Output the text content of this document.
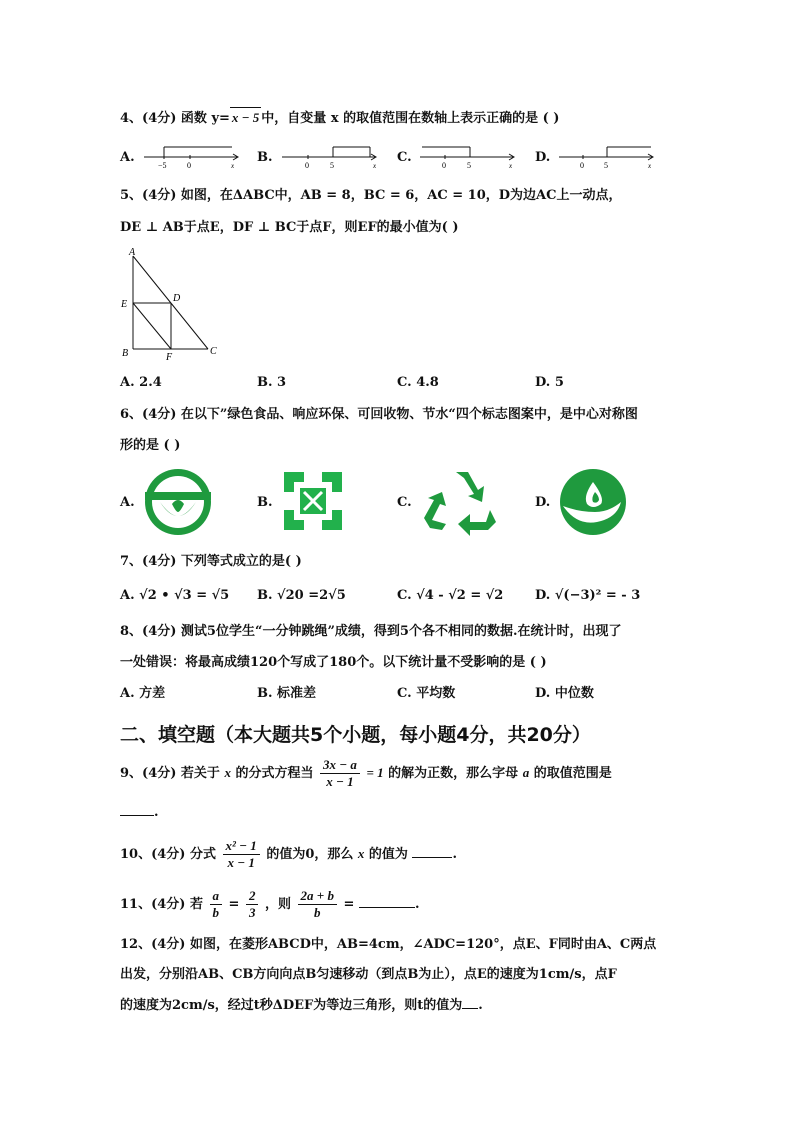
4、(4分) 函数 y= x − 5 中，自变量 x 的取值范围在数轴上表示正确的是 ( )
A.
−5	0	x
B.
0	5	x
C.
0	5	x
D.
0	5	x
5、(4分) 如图，在ΔABC中，AB = 8，BC = 6，AC = 10，D为边AC上一动点，
DE ⊥ AB于点E，DF ⊥ BC于点F，则EF的最小值为( )
A
E
D
B	F
C
A. 2.4	B. 3	C. 4.8	D. 5
6、(4分) 在以下”绿色食品、响应环保、可回收物、节水“四个标志图案中，是中心对称图
形的是 ( )
A.	B.	C.	D.
7、(4分) 下列等式成立的是( )
A. √2 • √3 = √5 B. √20 =2√5	C. √4 - √2 = √2 D. √(−3)² = - 3
8、(4分) 测试5位学生“一分钟跳绳”成绩，得到5个各不相同的数据.在统计时，出现了
一处错误：将最高成绩120个写成了180个。以下统计量不受影响的是 ( )
A. 方差	B. 标准差	C. 平均数	D. 中位数
二、填空题（本大题共5个小题，每小题4分，共20分）
9、(4分) 若关于 x 的分式方程当 $\frac{3x - a}{x - 1} = 1$ 的解为正数，那么字母 a 的取值范围是
.
10、(4分) 分式 $\frac{\text{x² − 1}}{x - 1}$ 的值为0，那么 x 的值为	.
11、(4分) 若 $\frac{a}{b} = \frac{2}{3}$ ，则 $\frac{2a + b}{b}$ =	.
12、(4分) 如图，在菱形ABCD中，AB=4cm，∠ADC=120°，点E、F同时由A、C两点
出发，分别沿AB、CB方向向点B匀速移动（到点B为止），点E的速度为1cm/s，点F
的速度为2cm/s，经过t秒ΔDEF为等边三角形，则t的值为 .
